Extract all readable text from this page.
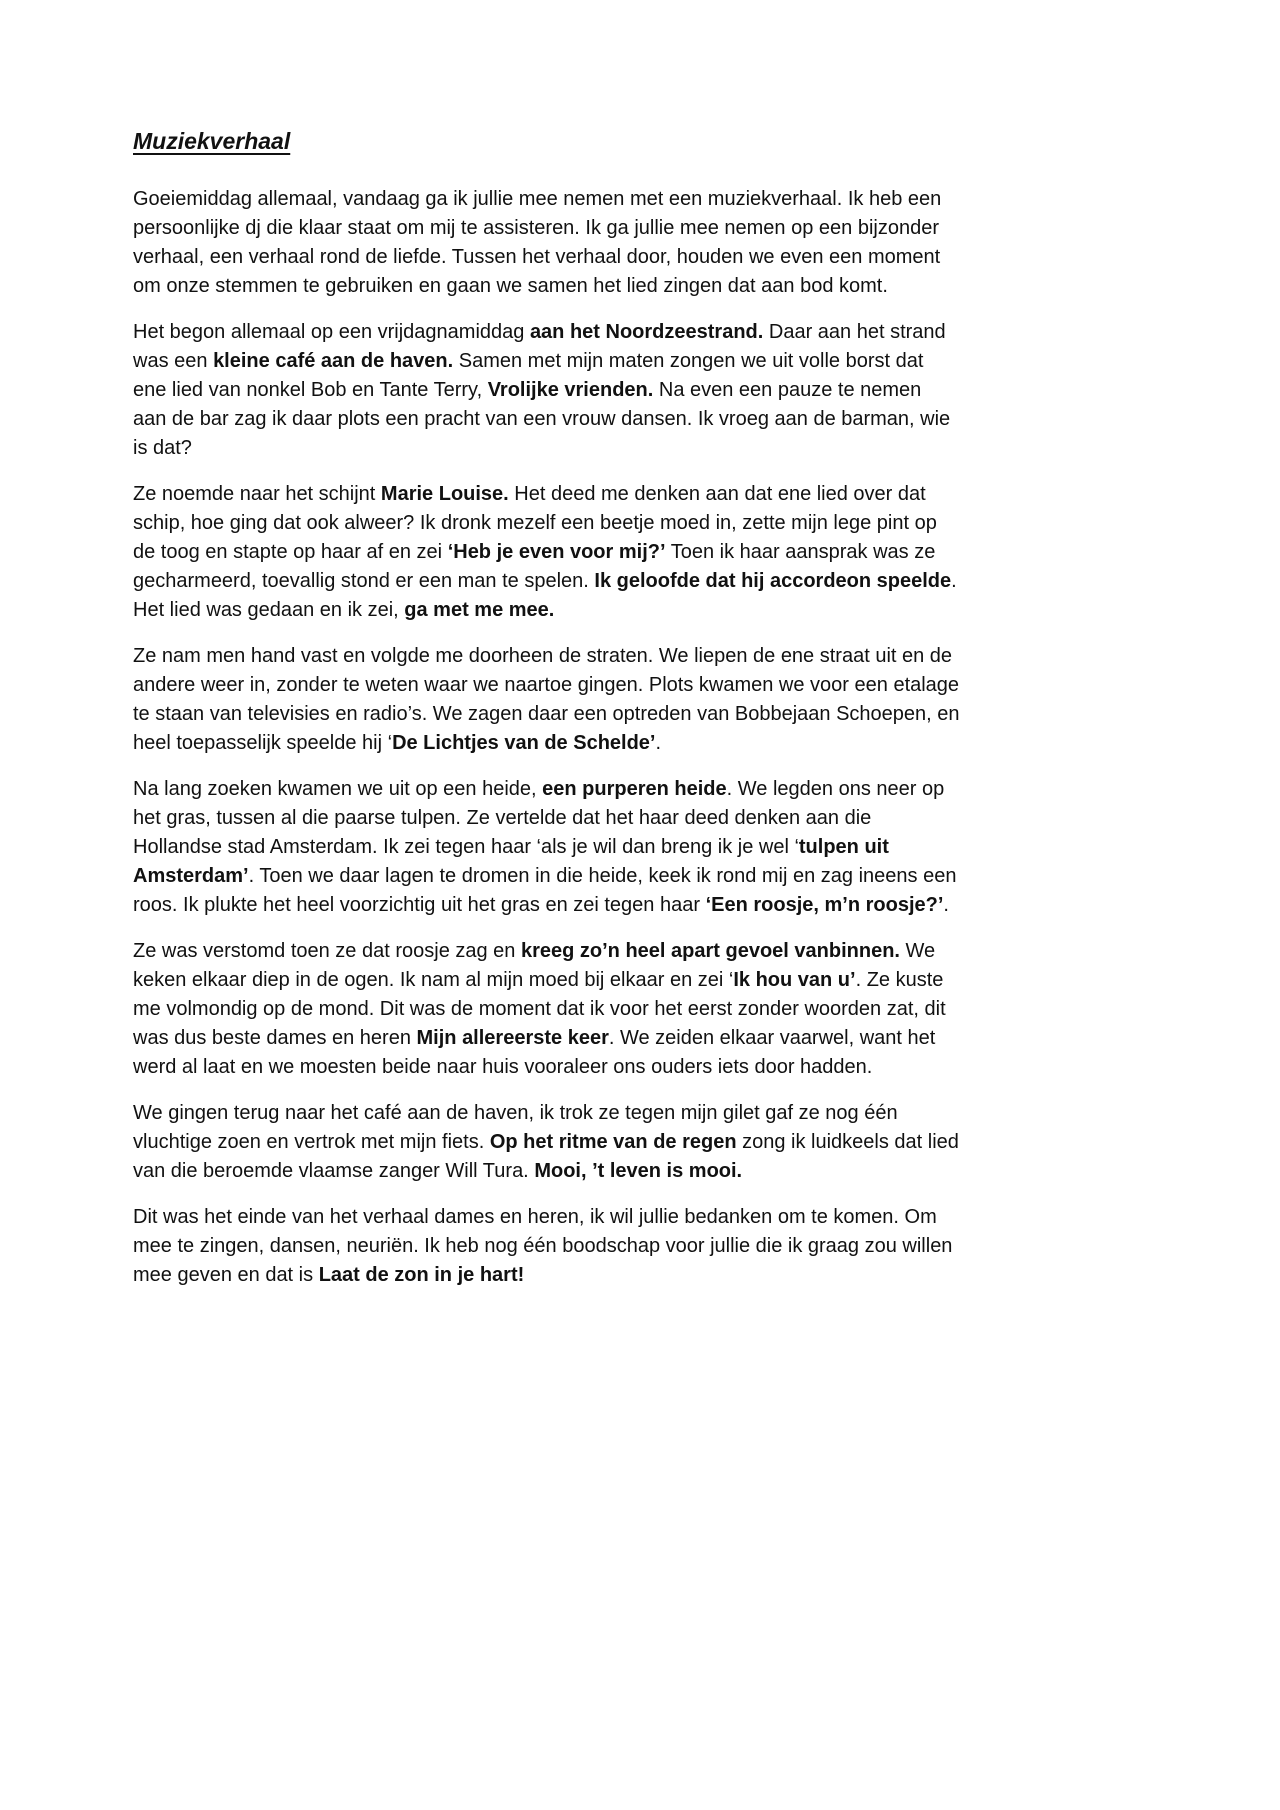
Muziekverhaal

Goeiemiddag allemaal, vandaag ga ik jullie mee nemen met een muziekverhaal. Ik heb een persoonlijke dj die klaar staat om mij te assisteren. Ik ga jullie mee nemen op een bijzonder verhaal, een verhaal rond de liefde. Tussen het verhaal door, houden we even een moment om onze stemmen te gebruiken en gaan we samen het lied zingen dat aan bod komt.

Het begon allemaal op een vrijdagnamiddag aan het Noordzeestrand. Daar aan het strand was een kleine café aan de haven. Samen met mijn maten zongen we uit volle borst dat ene lied van nonkel Bob en Tante Terry, Vrolijke vrienden. Na even een pauze te nemen aan de bar zag ik daar plots een pracht van een vrouw dansen. Ik vroeg aan de barman, wie is dat?

Ze noemde naar het schijnt Marie Louise. Het deed me denken aan dat ene lied over dat schip, hoe ging dat ook alweer? Ik dronk mezelf een beetje moed in, zette mijn lege pint op de toog en stapte op haar af en zei ‘Heb je even voor mij?’ Toen ik haar aansprak was ze gecharmeerd, toevallig stond er een man te spelen. Ik geloofde dat hij accordeon speelde. Het lied was gedaan en ik zei, ga met me mee.

Ze nam men hand vast en volgde me doorheen de straten. We liepen de ene straat uit en de andere weer in, zonder te weten waar we naartoe gingen. Plots kwamen we voor een etalage te staan van televisies en radio’s. We zagen daar een optreden van Bobbejaan Schoepen, en heel toepasselijk speelde hij ‘De Lichtjes van de Schelde’.

Na lang zoeken kwamen we uit op een heide, een purperen heide. We legden ons neer op het gras, tussen al die paarse tulpen. Ze vertelde dat het haar deed denken aan die Hollandse stad Amsterdam. Ik zei tegen haar ‘als je wil dan breng ik je wel ‘tulpen uit Amsterdam’. Toen we daar lagen te dromen in die heide, keek ik rond mij en zag ineens een roos. Ik plukte het heel voorzichtig uit het gras en zei tegen haar ‘Een roosje, m’n roosje?’.

Ze was verstomd toen ze dat roosje zag en kreeg zo’n heel apart gevoel vanbinnen. We keken elkaar diep in de ogen. Ik nam al mijn moed bij elkaar en zei ‘Ik hou van u’. Ze kuste me volmondig op de mond. Dit was de moment dat ik voor het eerst zonder woorden zat, dit was dus beste dames en heren Mijn allereerste keer. We zeiden elkaar vaarwel, want het werd al laat en we moesten beide naar huis vooraleer ons ouders iets door hadden.

We gingen terug naar het café aan de haven, ik trok ze tegen mijn gilet gaf ze nog één vluchtige zoen en vertrok met mijn fiets. Op het ritme van de regen zong ik luidkeels dat lied van die beroemde vlaamse zanger Will Tura. Mooi, ’t leven is mooi.

Dit was het einde van het verhaal dames en heren, ik wil jullie bedanken om te komen. Om mee te zingen, dansen, neuriën. Ik heb nog één boodschap voor jullie die ik graag zou willen mee geven en dat is Laat de zon in je hart!
